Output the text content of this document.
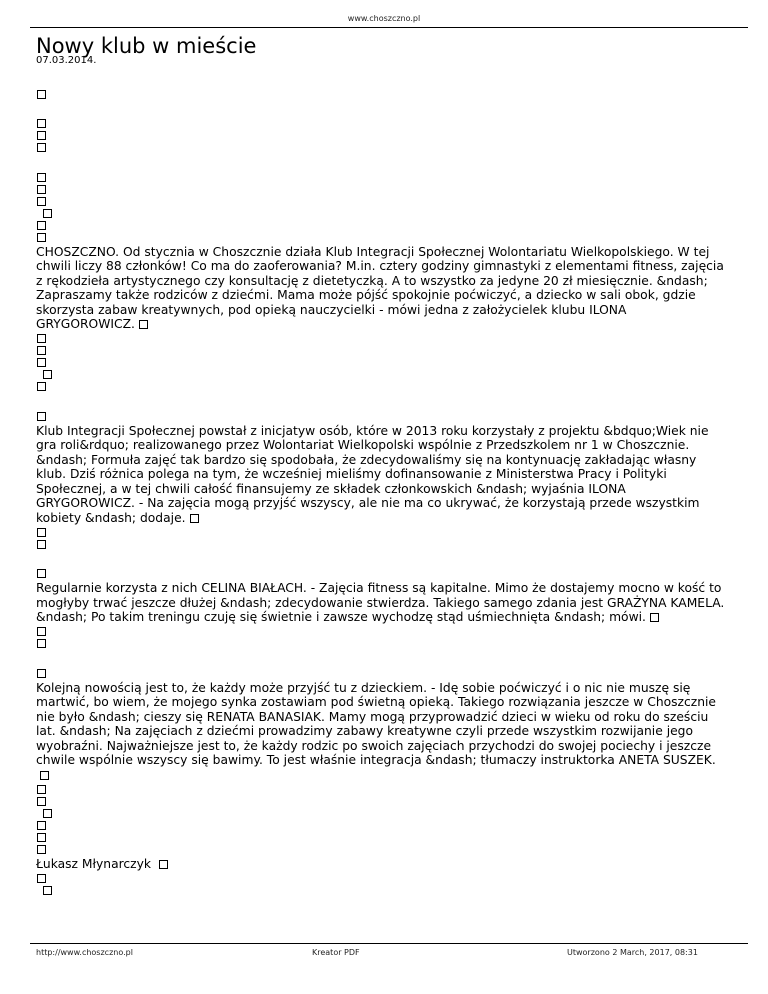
www.choszczno.pl
Nowy klub w mieście
07.03.2014.

CHOSZCZNO. Od stycznia w Choszcznie działa Klub Integracji Społecznej Wolontariatu Wielkopolskiego. W tej chwili liczy 88 członków! Co ma do zaoferowania? M.in. cztery godziny gimnastyki z elementami fitness, zajęcia z rękodzieła artystycznego czy konsultację z dietetyczką. A to wszystko za jedyne 20 zł miesięcznie. &ndash; Zapraszamy także rodziców z dziećmi. Mama może pójść spokojnie poćwiczyć, a dziecko w sali obok, gdzie skorzysta zabaw kreatywnych, pod opieką nauczycielki - mówi jedna z założycielek klubu ILONA GRYGOROWICZ.

Klub Integracji Społecznej powstał z inicjatyw osób, które w 2013 roku korzystały z projektu &bdquo;Wiek nie gra roli&rdquo; realizowanego przez Wolontariat Wielkopolski wspólnie z Przedszkolem nr 1 w Choszcznie. &ndash; Formuła zajęć tak bardzo się spodobała, że zdecydowaliśmy się na kontynuację zakładając własny klub. Dziś różnica polega na tym, że wcześniej mieliśmy dofinansowanie z Ministerstwa Pracy i Polityki Społecznej, a w tej chwili całość finansujemy ze składek członkowskich &ndash; wyjaśnia ILONA GRYGOROWICZ. - Na zajęcia mogą przyjść wszyscy, ale nie ma co ukrywać, że korzystają przede wszystkim kobiety &ndash; dodaje.

Regularnie korzysta z nich CELINA BIAŁACH. - Zajęcia fitness są kapitalne. Mimo że dostajemy mocno w kość to mogłyby trwać jeszcze dłużej &ndash; zdecydowanie stwierdza. Takiego samego zdania jest GRAŻYNA KAMELA. &ndash; Po takim treningu czuję się świetnie i zawsze wychodzę stąd uśmiechnięta &ndash; mówi.

Kolejną nowością jest to, że każdy może przyjść tu z dzieckiem. - Idę sobie poćwiczyć i o nic nie muszę się martwić, bo wiem, że mojego synka zostawiam pod świetną opieką. Takiego rozwiązania jeszcze w Choszcznie nie było &ndash; cieszy się RENATA BANASIAK. Mamy mogą przyprowadzić dzieci w wieku od roku do sześciu lat. &ndash; Na zajęciach z dziećmi prowadzimy zabawy kreatywne czyli przede wszystkim rozwijanie jego wyobraźni. Najważniejsze jest to, że każdy rodzic po swoich zajęciach przychodzi do swojej pociechy i jeszcze chwile wspólnie wszyscy się bawimy. To jest właśnie integracja &ndash; tłumaczy instruktorka ANETA SUSZEK.

Łukasz Młynarczyk

http://www.choszczno.pl	Kreator PDF	Utworzono 2 March, 2017, 08:31
